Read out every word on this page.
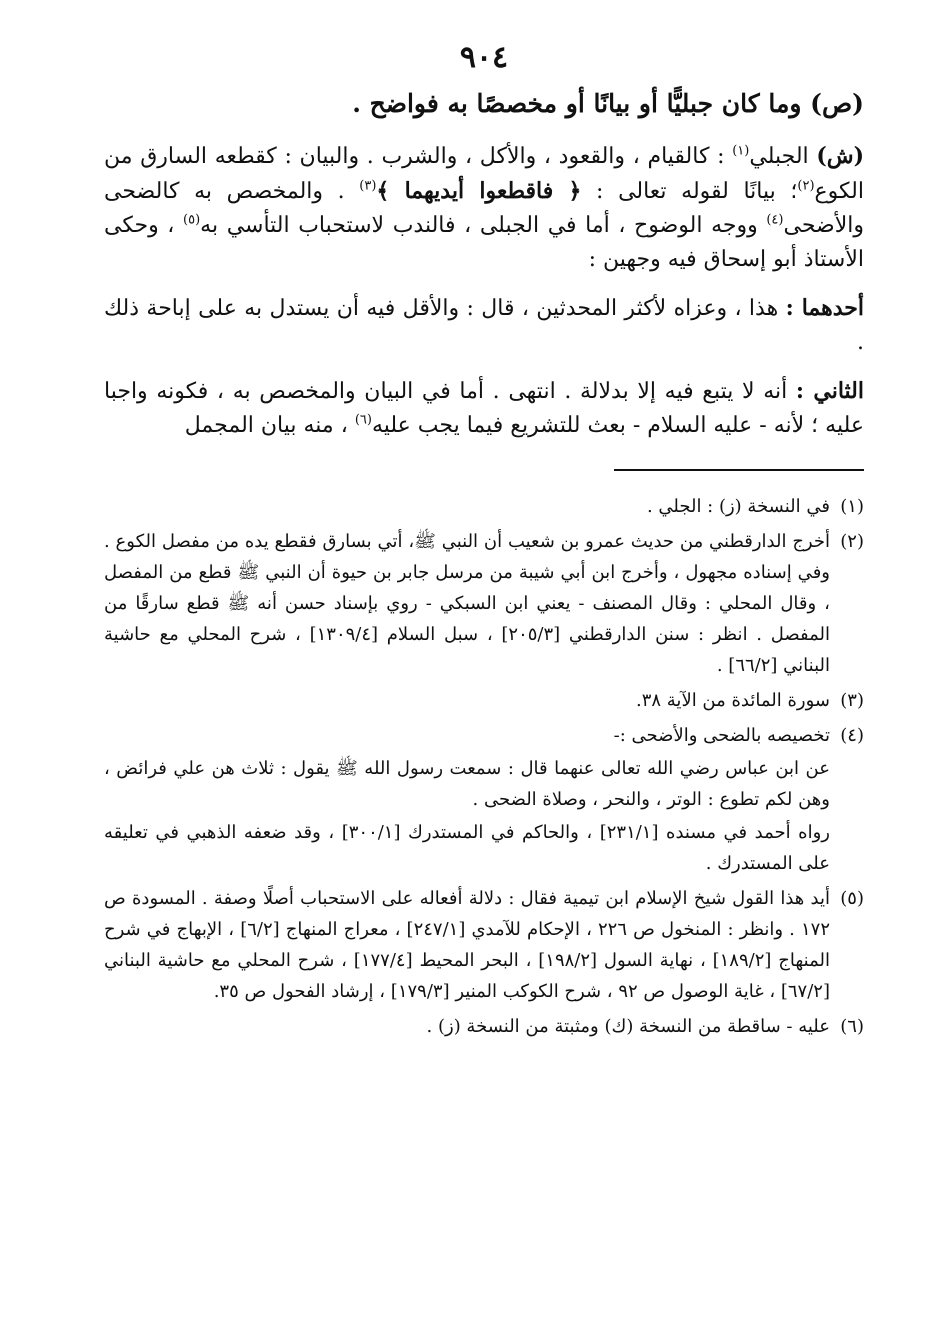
٩٠٤

(ص) وما كان جبليًّا أو بيانًا أو مخصصًا به فواضح .

(ش) الجبلي$^{(١)}$ : كالقيام ، والقعود ، والأكل ، والشرب . والبيان : كقطعه السارق من الكوع$^{(٢)}$؛ بيانًا لقوله تعالى : ﴿ فاقطعوا أيديهما ﴾$^{(٣)}$ . والمخصص به كالضحى والأضحى$^{(٤)}$ ووجه الوضوح ، أما في الجبلى ، فالندب لاستحباب التأسي به$^{(٥)}$ ، وحكى الأستاذ أبو إسحاق فيه وجهين :

أحدهما : هذا ، وعزاه لأكثر المحدثين ، قال : والأقل فيه أن يستدل به على إباحة ذلك .

الثاني : أنه لا يتبع فيه إلا بدلالة . انتهى . أما في البيان والمخصص به ، فكونه واجبا عليه ؛ لأنه - عليه السلام - بعث للتشريع فيما يجب عليه$^{(٦)}$ ، منه بيان المجمل

(١)
في النسخة (ز) : الجلي .
(٢)
أخرج الدارقطني من حديث عمرو بن شعيب أن النبي ﷺ، أتي بسارق فقطع يده من مفصل الكوع . وفي إسناده مجهول ، وأخرج ابن أبي شيبة من مرسل جابر بن حيوة أن النبي ﷺ قطع من المفصل ، وقال المحلي : وقال المصنف - يعني ابن السبكي - روي بإسناد حسن أنه ﷺ قطع سارقًا من المفصل . انظر : سنن الدارقطني [٢٠٥/٣] ، سبل السلام [١٣٠٩/٤] ، شرح المحلي مع حاشية البناني [٦٦/٢] .
(٣)
سورة المائدة من الآية ٣٨.
(٤)
تخصيصه بالضحى والأضحى :-
عن ابن عباس رضي الله تعالى عنهما قال : سمعت رسول الله ﷺ يقول : ثلاث هن علي فرائض ، وهن لكم تطوع : الوتر ، والنحر ، وصلاة الضحى .
رواه أحمد في مسنده [٢٣١/١] ، والحاكم في المستدرك [٣٠٠/١] ، وقد ضعفه الذهبي في تعليقه على المستدرك .
(٥)
أيد هذا القول شيخ الإسلام ابن تيمية فقال : دلالة أفعاله على الاستحباب أصلًا وصفة . المسودة ص ١٧٢ . وانظر : المنخول ص ٢٢٦ ، الإحكام للآمدي [٢٤٧/١] ، معراج المنهاج [٦/٢] ، الإبهاج في شرح المنهاج [١٨٩/٢] ، نهاية السول [١٩٨/٢] ، البحر المحيط [١٧٧/٤] ، شرح المحلي مع حاشية البناني [٦٧/٢] ، غاية الوصول ص ٩٢ ، شرح الكوكب المنير [١٧٩/٣] ، إرشاد الفحول ص ٣٥.
(٦)
عليه - ساقطة من النسخة (ك) ومثبتة من النسخة (ز) .
